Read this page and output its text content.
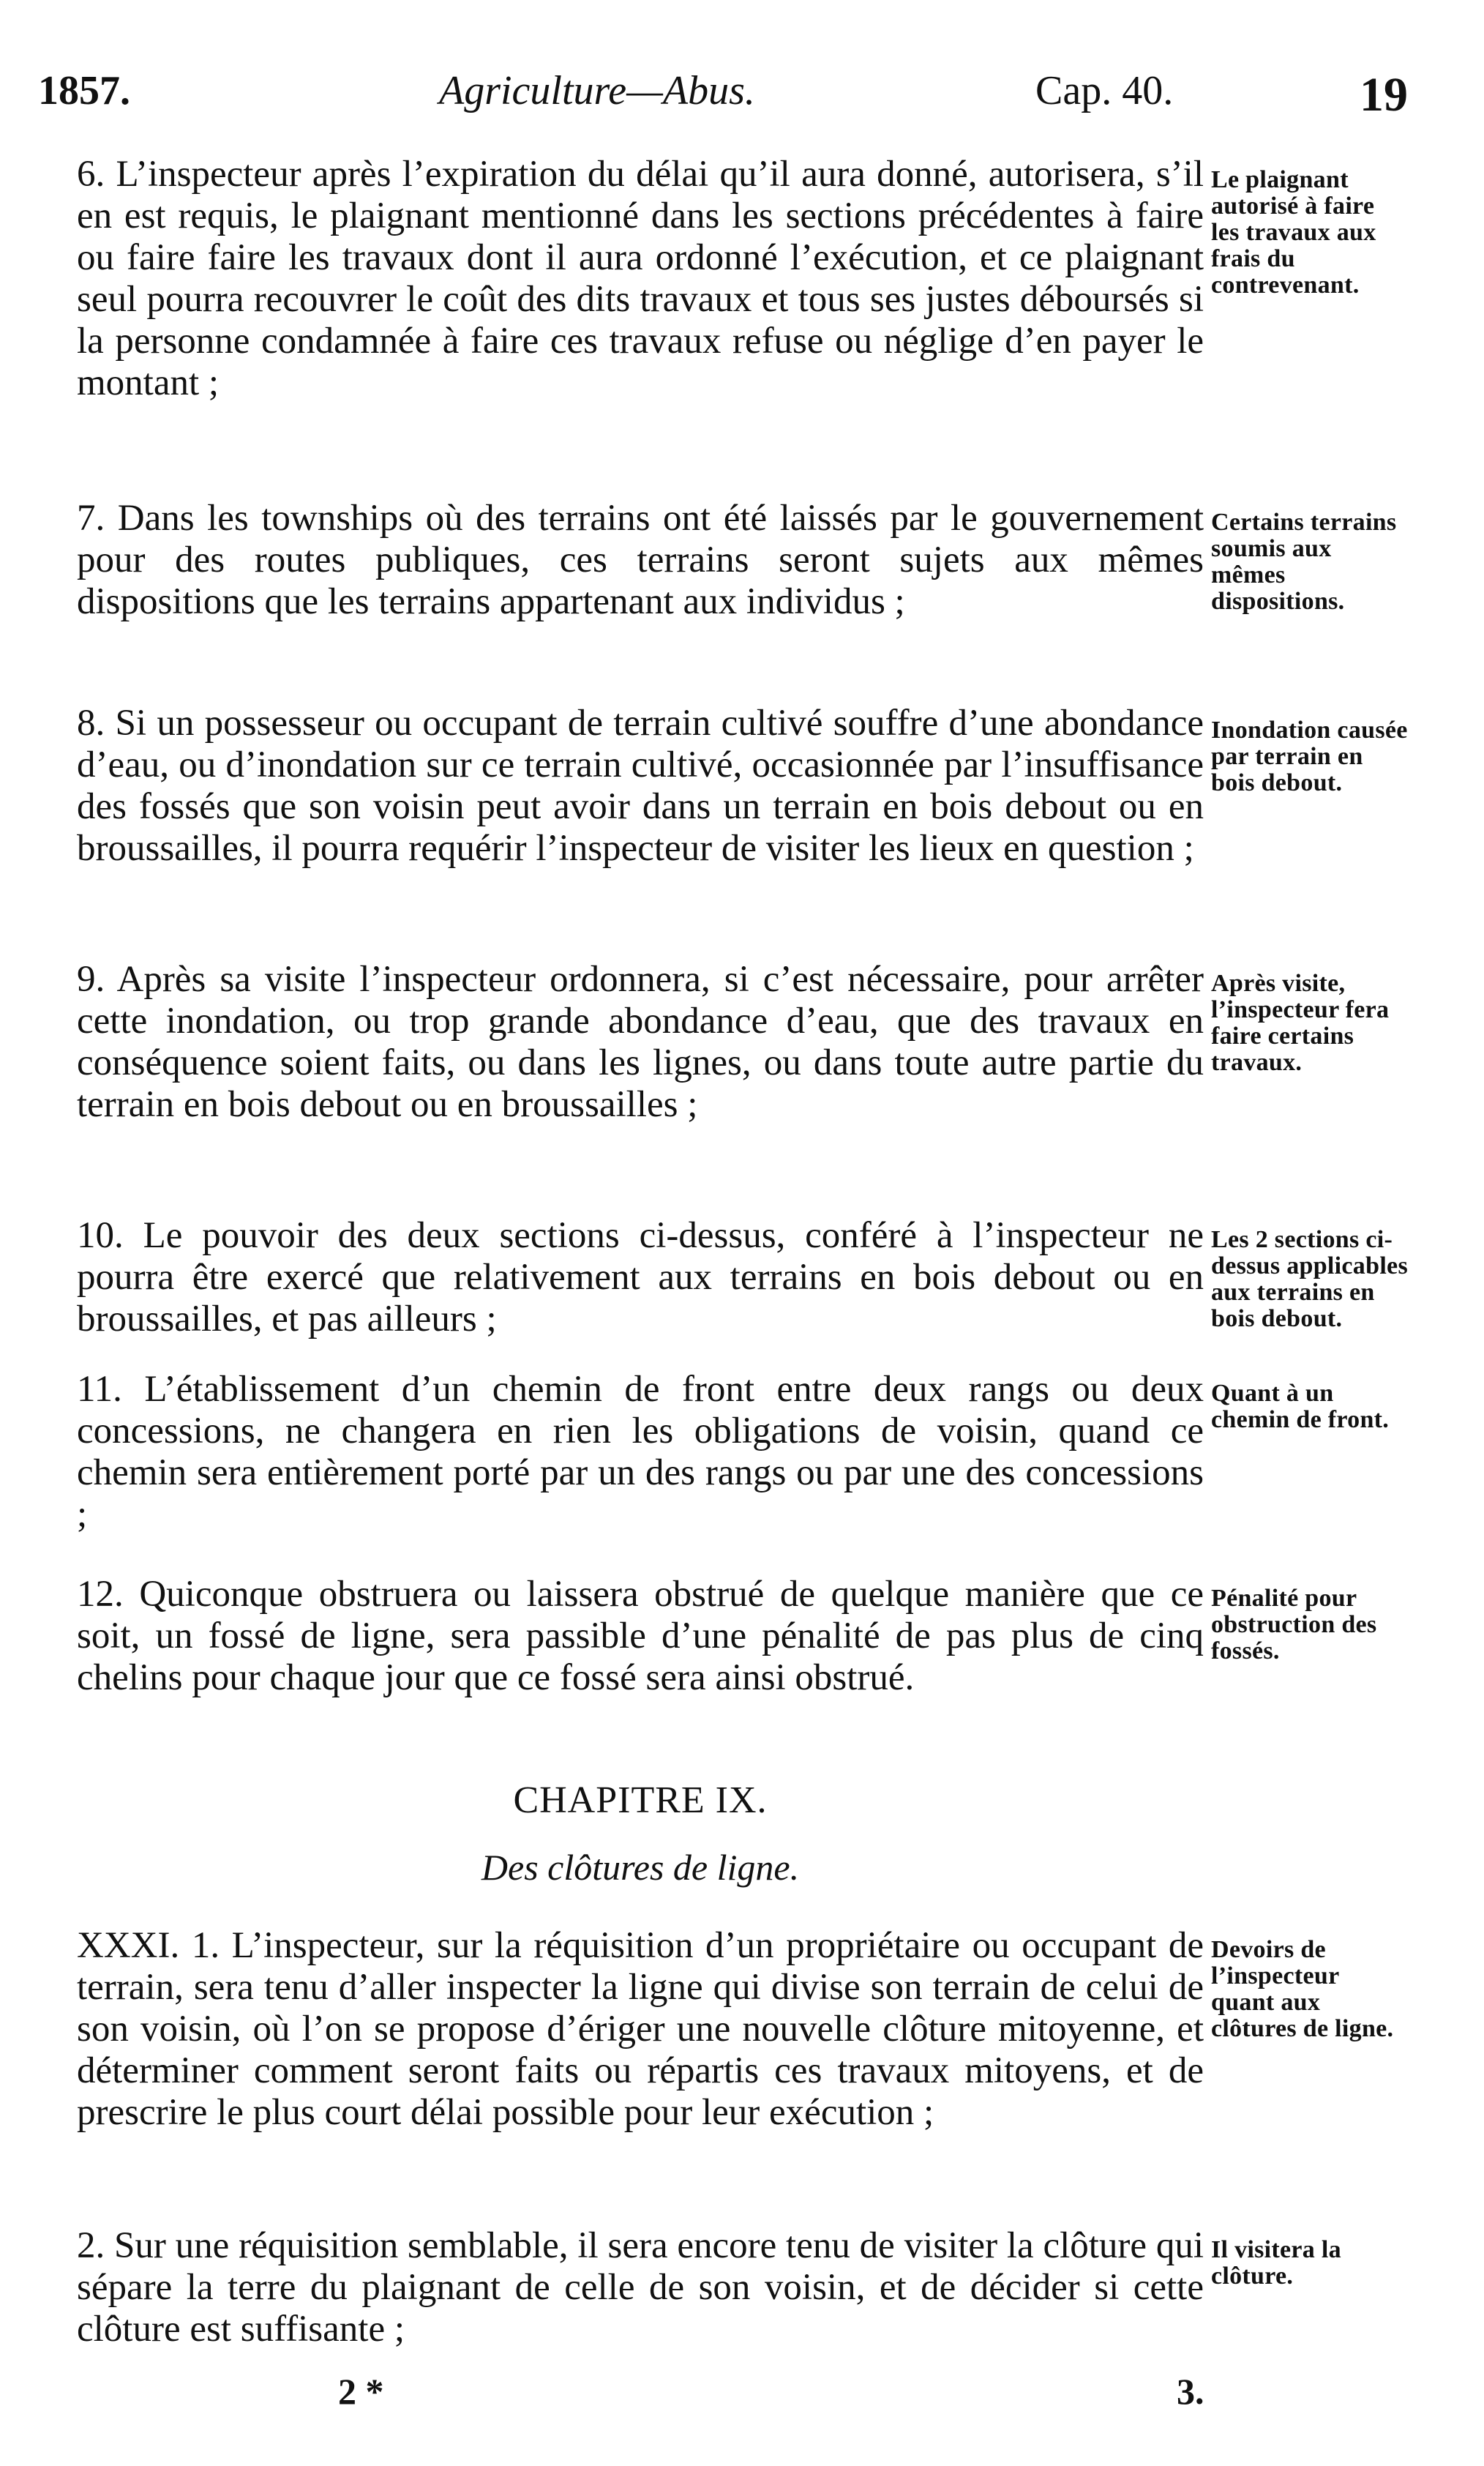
1857.	Agriculture—Abus.	Cap. 40.	19
6. L’inspecteur après l’expiration du délai qu’il aura donné, autorisera, s’il en est requis, le plaignant mentionné dans les sections précédentes à faire ou faire faire les travaux dont il aura ordonné l’exécution, et ce plaignant seul pourra recouvrer le coût des dits travaux et tous ses justes déboursés si la personne condamnée à faire ces travaux refuse ou néglige d’en payer le montant ;
Le plaignant autorisé à faire les travaux aux frais du contrevenant.
7. Dans les townships où des terrains ont été laissés par le gouvernement pour des routes publiques, ces terrains seront sujets aux mêmes dispositions que les terrains appartenant aux individus ;
Certains terrains soumis aux mêmes dispositions.
8. Si un possesseur ou occupant de terrain cultivé souffre d’une abondance d’eau, ou d’inondation sur ce terrain cultivé, occasionnée par l’insuffisance des fossés que son voisin peut avoir dans un terrain en bois debout ou en broussailles, il pourra requérir l’inspecteur de visiter les lieux en question ;
Inondation causée par terrain en bois debout.
9. Après sa visite l’inspecteur ordonnera, si c’est nécessaire, pour arrêter cette inondation, ou trop grande abondance d’eau, que des travaux en conséquence soient faits, ou dans les lignes, ou dans toute autre partie du terrain en bois debout ou en broussailles ;
Après visite, l’inspecteur fera faire certains travaux.
10. Le pouvoir des deux sections ci-dessus, conféré à l’inspecteur ne pourra être exercé que relativement aux terrains en bois debout ou en broussailles, et pas ailleurs ;
Les 2 sections ci-dessus applicables aux terrains en bois debout.
11. L’établissement d’un chemin de front entre deux rangs ou deux concessions, ne changera en rien les obligations de voisin, quand ce chemin sera entièrement porté par un des rangs ou par une des concessions ;
Quant à un chemin de front.
12. Quiconque obstruera ou laissera obstrué de quelque manière que ce soit, un fossé de ligne, sera passible d’une pénalité de pas plus de cinq chelins pour chaque jour que ce fossé sera ainsi obstrué.
Pénalité pour obstruction des fossés.
CHAPITRE IX.
Des clôtures de ligne.
XXXI. 1. L’inspecteur, sur la réquisition d’un propriétaire ou occupant de terrain, sera tenu d’aller inspecter la ligne qui divise son terrain de celui de son voisin, où l’on se propose d’ériger une nouvelle clôture mitoyenne, et déterminer comment seront faits ou répartis ces travaux mitoyens, et de prescrire le plus court délai possible pour leur exécution ;
Devoirs de l’inspecteur quant aux clôtures de ligne.
2. Sur une réquisition semblable, il sera encore tenu de visiter la clôture qui sépare la terre du plaignant de celle de son voisin, et de décider si cette clôture est suffisante ;
Il visitera la clôture.
2 *	3.
